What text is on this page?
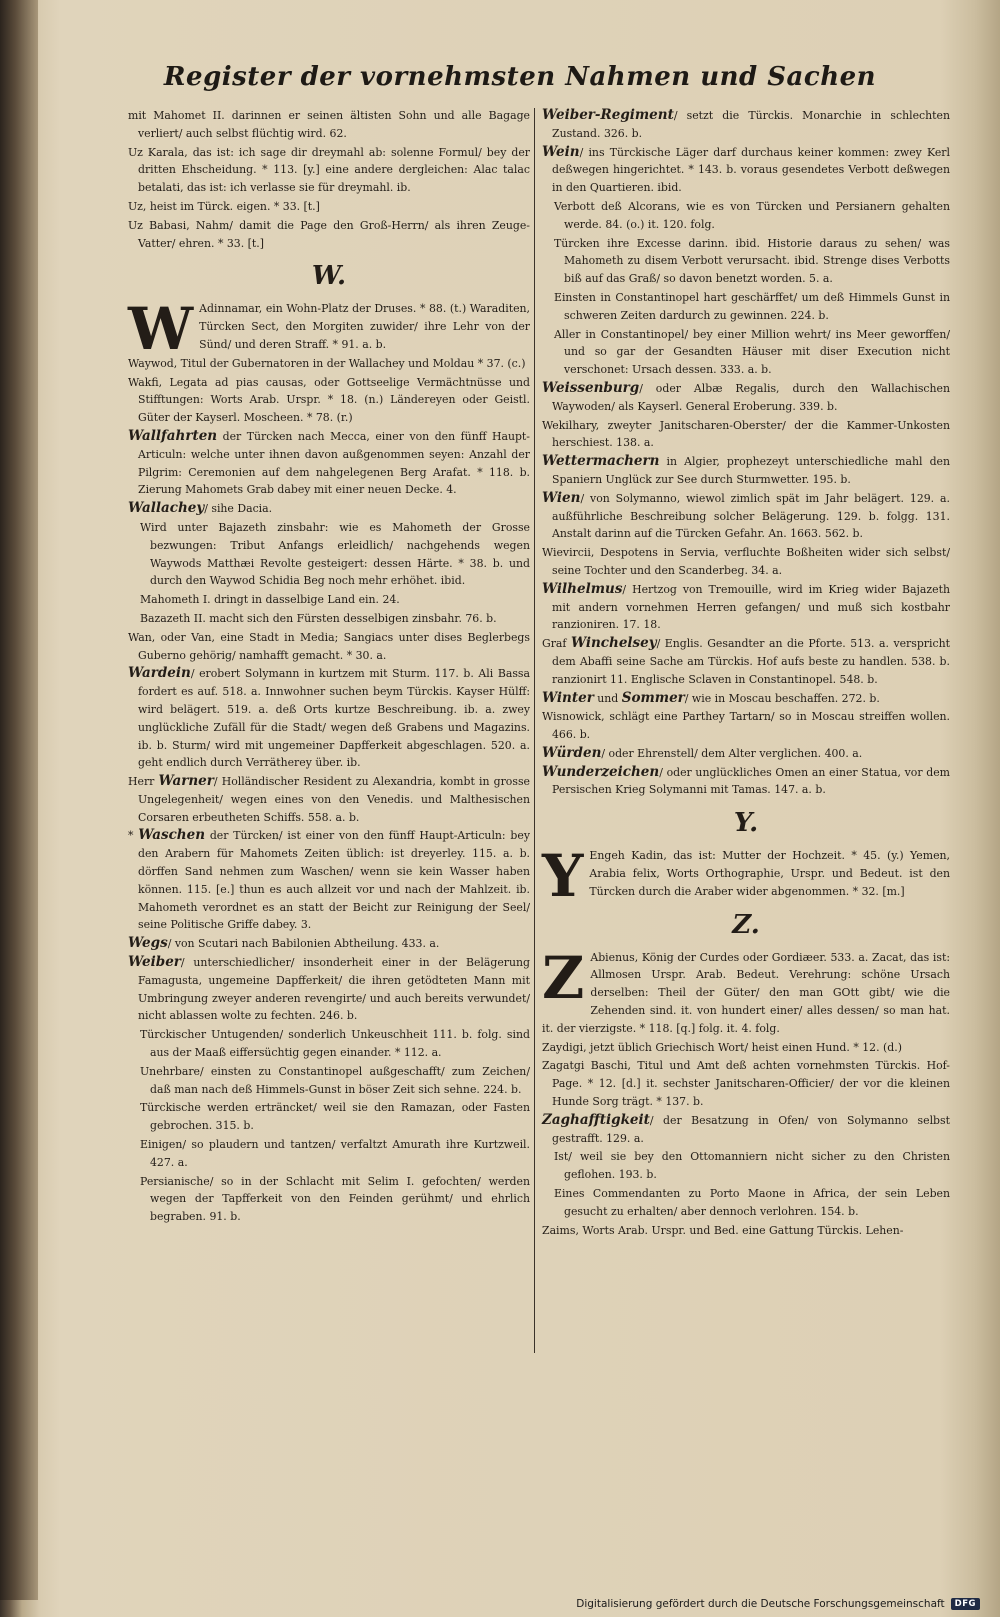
Register der vornehmsten Nahmen und Sachen
mit Mahomet II. darinnen er seinen ältisten Sohn und alle Bagage verliert/ auch selbst flüchtig wird. 62.
Uz Karala, das ist: ich sage dir dreymahl ab: solenne Formul/ bey der dritten Ehscheidung. * 113. [y.] eine andere dergleichen: Alac talac betalati, das ist: ich verlasse sie für dreymahl. ib.
Uz, heist im Türck. eigen. * 33. [t.]
Uz Babasi, Nahm/ damit die Page den Groß-Herrn/ als ihren Zeuge-Vatter/ ehren. * 33. [t.]
W.
W Adinnamar, ein Wohn-Platz der Druses. * 88. (t.) Waraditen, Türcken Sect, den Morgiten zuwider/ ihre Lehr von der Sünd/ und deren Straff. * 91. a. b.
Waywod, Titul der Gubernatoren in der Wallachey und Moldau * 37. (c.)
Wakfi, Legata ad pias causas, oder Gottseelige Vermächtnüsse und Stifftungen: Worts Arab. Urspr. * 18. (n.) Ländereyen oder Geistl. Güter der Kayserl. Moscheen. * 78. (r.)
Wallfahrten der Türcken nach Mecca, einer von den fünff Haupt-Articuln: welche unter ihnen davon außgenommen seyen: Anzahl der Pilgrim: Ceremonien auf dem nahgelegenen Berg Arafat. * 118. b. Zierung Mahomets Grab dabey mit einer neuen Decke. 4.
Wallachey/ sihe Dacia.
Wird unter Bajazeth zinsbahr: wie es Mahometh der Grosse bezwungen: Tribut Anfangs erleidlich/ nachgehends wegen Waywods Matthæi Revolte gesteigert: dessen Härte. * 38. b. und durch den Waywod Schidia Beg noch mehr erhöhet. ibid.
Mahometh I. dringt in dasselbige Land ein. 24.
Bazazeth II. macht sich den Fürsten desselbigen zinsbahr. 76. b.
Wan, oder Van, eine Stadt in Media; Sangiacs unter dises Beglerbegs Guberno gehörig/ namhafft gemacht. * 30. a.
Wardein/ erobert Solymann in kurtzem mit Sturm. 117. b. Ali Bassa fordert es auf. 518. a. Innwohner suchen beym Türckis. Kayser Hülff: wird belägert. 519. a. deß Orts kurtze Beschreibung. ib. a. zwey unglückliche Zufäll für die Stadt/ wegen deß Grabens und Magazins. ib. b. Sturm/ wird mit ungemeiner Dapfferkeit abgeschlagen. 520. a. geht endlich durch Verrätherey über. ib.
Herr Warner/ Holländischer Resident zu Alexandria, kombt in grosse Ungelegenheit/ wegen eines von den Venedis. und Malthesischen Corsaren erbeutheten Schiffs. 558. a. b.
* Waschen der Türcken/ ist einer von den fünff Haupt-Articuln: bey den Arabern für Mahomets Zeiten üblich: ist dreyerley. 115. a. b. dörffen Sand nehmen zum Waschen/ wenn sie kein Wasser haben können. 115. [e.] thun es auch allzeit vor und nach der Mahlzeit. ib. Mahometh verordnet es an statt der Beicht zur Reinigung der Seel/ seine Politische Griffe dabey. 3.
Wegs/ von Scutari nach Babilonien Abtheilung. 433. a.
Weiber/ unterschiedlicher/ insonderheit einer in der Belägerung Famagusta, ungemeine Dapfferkeit/ die ihren getödteten Mann mit Umbringung zweyer anderen revengirte/ und auch bereits verwundet/ nicht ablassen wolte zu fechten. 246. b.
Türckischer Untugenden/ sonderlich Unkeuschheit 111. b. folg. sind aus der Maaß eiffersüchtig gegen einander. * 112. a.
Unehrbare/ einsten zu Constantinopel außgeschafft/ zum Zeichen/ daß man nach deß Himmels-Gunst in böser Zeit sich sehne. 224. b.
Türckische werden erträncket/ weil sie den Ramazan, oder Fasten gebrochen. 315. b.
Einigen/ so plaudern und tantzen/ verfaltzt Amurath ihre Kurtzweil. 427. a.
Persianische/ so in der Schlacht mit Selim I. gefochten/ werden wegen der Tapfferkeit von den Feinden gerühmt/ und ehrlich begraben. 91. b.
Weiber-Regiment/ setzt die Türckis. Monarchie in schlechten Zustand. 326. b.
Wein/ ins Türckische Läger darf durchaus keiner kommen: zwey Kerl deßwegen hingerichtet. * 143. b. voraus gesendetes Verbott deßwegen in den Quartieren. ibid.
Verbott deß Alcorans, wie es von Türcken und Persianern gehalten werde. 84. (o.) it. 120. folg.
Türcken ihre Excesse darinn. ibid. Historie daraus zu sehen/ was Mahometh zu disem Verbott verursacht. ibid. Strenge dises Verbotts biß auf das Graß/ so davon benetzt worden. 5. a.
Einsten in Constantinopel hart geschärffet/ um deß Himmels Gunst in schweren Zeiten dardurch zu gewinnen. 224. b.
Aller in Constantinopel/ bey einer Million wehrt/ ins Meer geworffen/ und so gar der Gesandten Häuser mit diser Execution nicht verschonet: Ursach dessen. 333. a. b.
Weissenburg/ oder Albæ Regalis, durch den Wallachischen Waywoden/ als Kayserl. General Eroberung. 339. b.
Wekilhary, zweyter Janitscharen-Oberster/ der die Kammer-Unkosten herschiest. 138. a.
Wettermachern in Algier, prophezeyt unterschiedliche mahl den Spaniern Unglück zur See durch Sturmwetter. 195. b.
Wien/ von Solymanno, wiewol zimlich spät im Jahr belägert. 129. a. außführliche Beschreibung solcher Belägerung. 129. b. folgg. 131. Anstalt darinn auf die Türcken Gefahr. An. 1663. 562. b.
Wievircii, Despotens in Servia, verfluchte Boßheiten wider sich selbst/ seine Tochter und den Scanderbeg. 34. a.
Wilhelmus/ Hertzog von Tremouille, wird im Krieg wider Bajazeth mit andern vornehmen Herren gefangen/ und muß sich kostbahr ranzioniren. 17. 18.
Graf Winchelsey/ Englis. Gesandter an die Pforte. 513. a. verspricht dem Abaffi seine Sache am Türckis. Hof aufs beste zu handlen. 538. b. ranzionirt 11. Englische Sclaven in Constantinopel. 548. b.
Winter und Sommer/ wie in Moscau beschaffen. 272. b.
Wisnowick, schlägt eine Parthey Tartarn/ so in Moscau streiffen wollen. 466. b.
Würden/ oder Ehrenstell/ dem Alter verglichen. 400. a.
Wunderzeichen/ oder unglückliches Omen an einer Statua, vor dem Persischen Krieg Solymanni mit Tamas. 147. a. b.
Y.
Y Engeh Kadin, das ist: Mutter der Hochzeit. * 45. (y.) Yemen, Arabia felix, Worts Orthographie, Urspr. und Bedeut. ist den Türcken durch die Araber wider abgenommen. * 32. [m.]
Z.
Z Abienus, König der Curdes oder Gordiæer. 533. a. Zacat, das ist: Allmosen Urspr. Arab. Bedeut. Verehrung: schöne Ursach derselben: Theil der Güter/ den man GOtt gibt/ wie die Zehenden sind. it. von hundert einer/ alles dessen/ so man hat. it. der vierzigste. * 118. [q.] folg. it. 4. folg.
Zaydigi, jetzt üblich Griechisch Wort/ heist einen Hund. * 12. (d.)
Zagatgi Baschi, Titul und Amt deß achten vornehmsten Türckis. Hof-Page. * 12. [d.] it. sechster Janitscharen-Officier/ der vor die kleinen Hunde Sorg trägt. * 137. b.
Zaghafftigkeit/ der Besatzung in Ofen/ von Solymanno selbst gestrafft. 129. a.
Ist/ weil sie bey den Ottomanniern nicht sicher zu den Christen geflohen. 193. b.
Eines Commendanten zu Porto Maone in Africa, der sein Leben gesucht zu erhalten/ aber dennoch verlohren. 154. b.
Zaims, Worts Arab. Urspr. und Bed. eine Gattung Türckis. Lehen-
Digitalisierung gefördert durch die Deutsche Forschungsgemeinschaft	DFG
